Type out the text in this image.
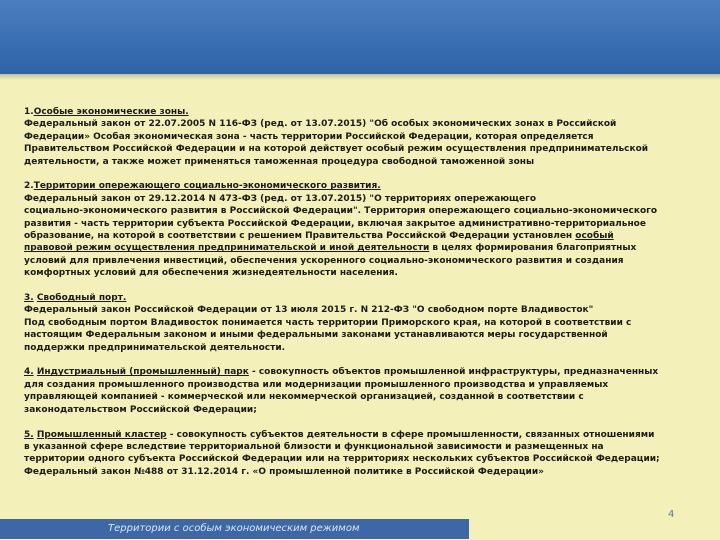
1.Особые экономические зоны.
Федеральный закон от 22.07.2005 N 116-ФЗ (ред. от 13.07.2015) "Об особых экономических зонах в Российской
Федерации» Особая экономическая зона - часть территории Российской Федерации, которая определяется
Правительством Российской Федерации и на которой действует особый режим осуществления предпринимательской
деятельности, а также может применяться таможенная процедура свободной таможенной зоны
2.Территории опережающего социально-экономического развития.
Федеральный закон от 29.12.2014 N 473-ФЗ (ред. от 13.07.2015) "О территориях опережающего
социально-экономического развития в Российской Федерации". Территория опережающего социально-экономического
развития - часть территории субъекта Российской Федерации, включая закрытое административно-территориальное
образование, на которой в соответствии с решением Правительства Российской Федерации установлен особый
правовой режим осуществления предпринимательской и иной деятельности в целях формирования благоприятных
условий для привлечения инвестиций, обеспечения ускоренного социально-экономического развития и создания
комфортных условий для обеспечения жизнедеятельности населения.
3. Свободный порт.
Федеральный закон Российской Федерации от 13 июля 2015 г. N 212-ФЗ "О свободном порте Владивосток"
Под свободным портом Владивосток понимается часть территории Приморского края, на которой в соответствии с
настоящим Федеральным законом и иными федеральными законами устанавливаются меры государственной
поддержки предпринимательской деятельности.
4. Индустриальный (промышленный) парк - совокупность объектов промышленной инфраструктуры, предназначенных
для создания промышленного производства или модернизации промышленного производства и управляемых
управляющей компанией - коммерческой или некоммерческой организацией, созданной в соответствии с
законодательством Российской Федерации;
5. Промышленный кластер - совокупность субъектов деятельности в сфере промышленности, связанных отношениями
в указанной сфере вследствие территориальной близости и функциональной зависимости и размещенных на
территории одного субъекта Российской Федерации или на территориях нескольких субъектов Российской Федерации;
Федеральный закон №488 от 31.12.2014 г. «О промышленной политике в Российской Федерации»
4
Территории с особым экономическим режимом
